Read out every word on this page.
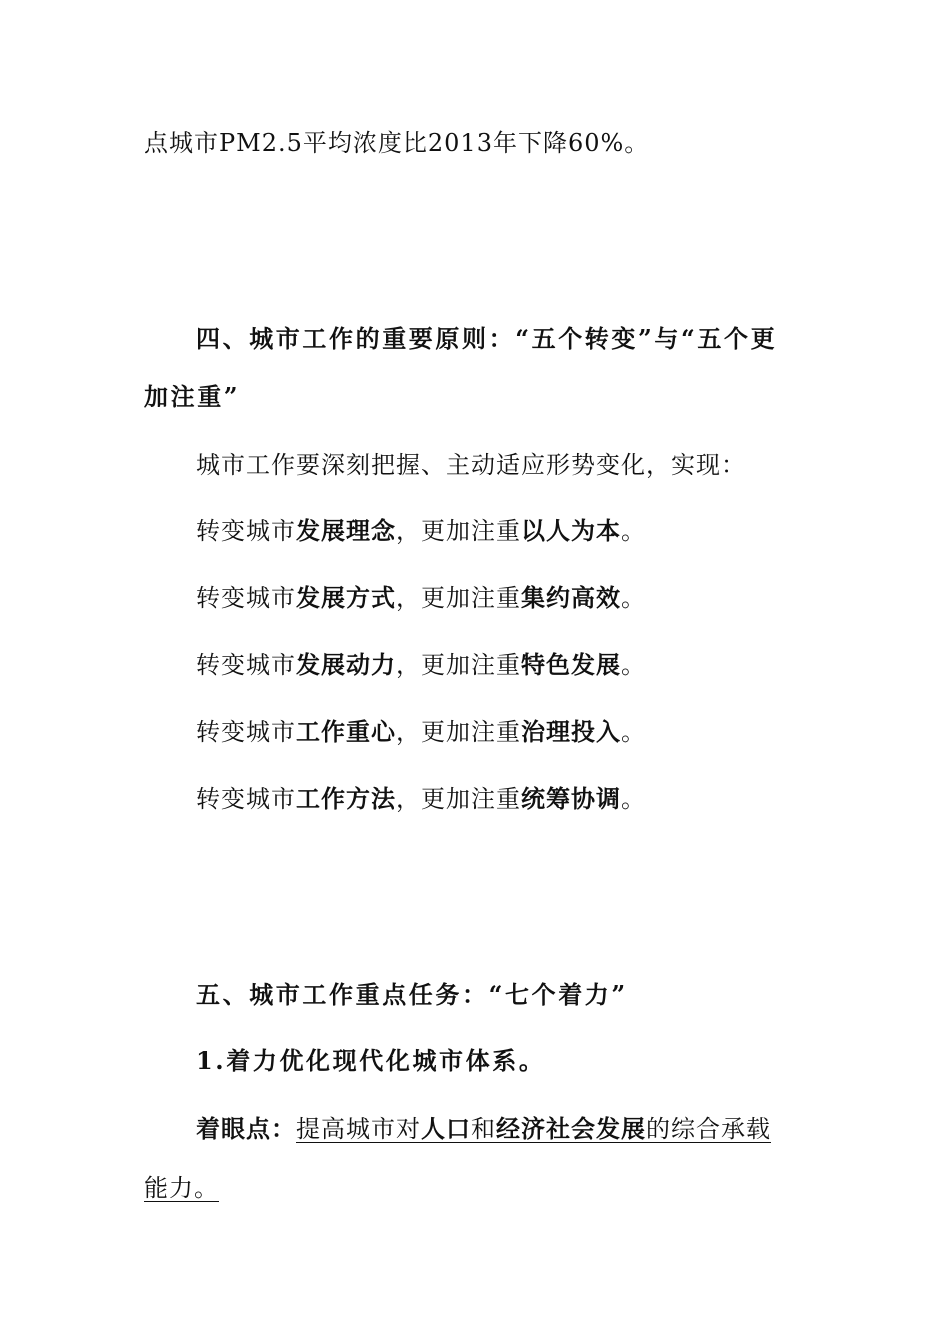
点城市PM2.5平均浓度比2013年下降60%。
四、城市工作的重要原则：“五个转变”与“五个更
加注重”
城市工作要深刻把握、主动适应形势变化，实现：
转变城市发展理念，更加注重以人为本。
转变城市发展方式，更加注重集约高效。
转变城市发展动力，更加注重特色发展。
转变城市工作重心，更加注重治理投入。
转变城市工作方法，更加注重统筹协调。
五、城市工作重点任务：“七个着力”
1.着力优化现代化城市体系。
着眼点：提高城市对人口和经济社会发展的综合承载
能力。
